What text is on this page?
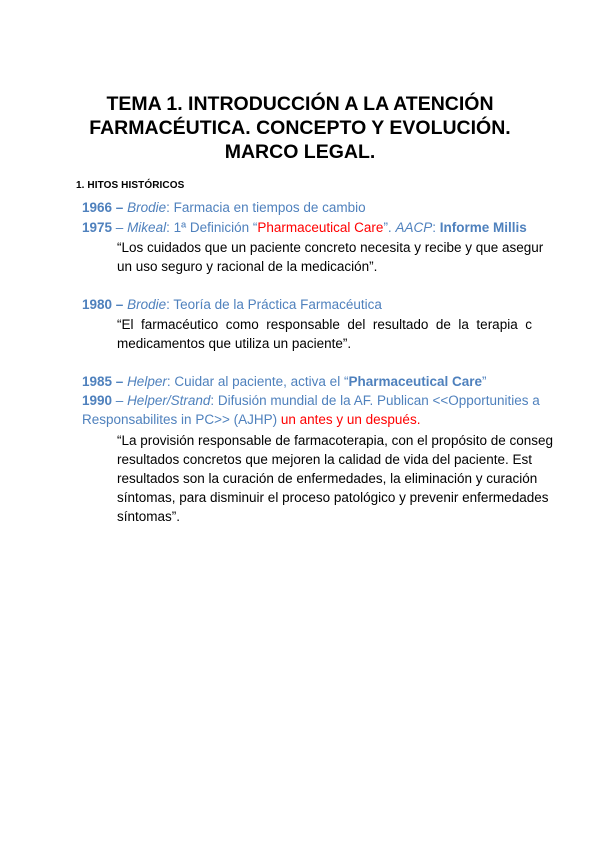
TEMA 1. INTRODUCCIÓN A LA ATENCIÓN
FARMACÉUTICA. CONCEPTO Y EVOLUCIÓN.
MARCO LEGAL.
1. HITOS HISTÓRICOS
1966 – Brodie: Farmacia en tiempos de cambio
1975 – Mikeal: 1ª Definición “Pharmaceutical Care”. AACP: Informe Millis
“Los cuidados que un paciente concreto necesita y recibe y que asegur
un uso seguro y racional de la medicación”.
1980 – Brodie: Teoría de la Práctica Farmacéutica
“El  farmacéutico  como  responsable  del  resultado  de  la  terapia  c
medicamentos que utiliza un paciente”.
1985 – Helper: Cuidar al paciente, activa el “Pharmaceutical Care”
1990 – Helper/Strand: Difusión mundial de la AF. Publican <<Opportunities a
Responsabilites in PC>> (AJHP) un antes y un después.
“La provisión responsable de farmacoterapia, con el propósito de conseg
resultados concretos que mejoren la calidad de vida del paciente. Est
resultados son la curación de enfermedades, la eliminación y curación
síntomas, para disminuir el proceso patológico y prevenir enfermedades
síntomas”.
